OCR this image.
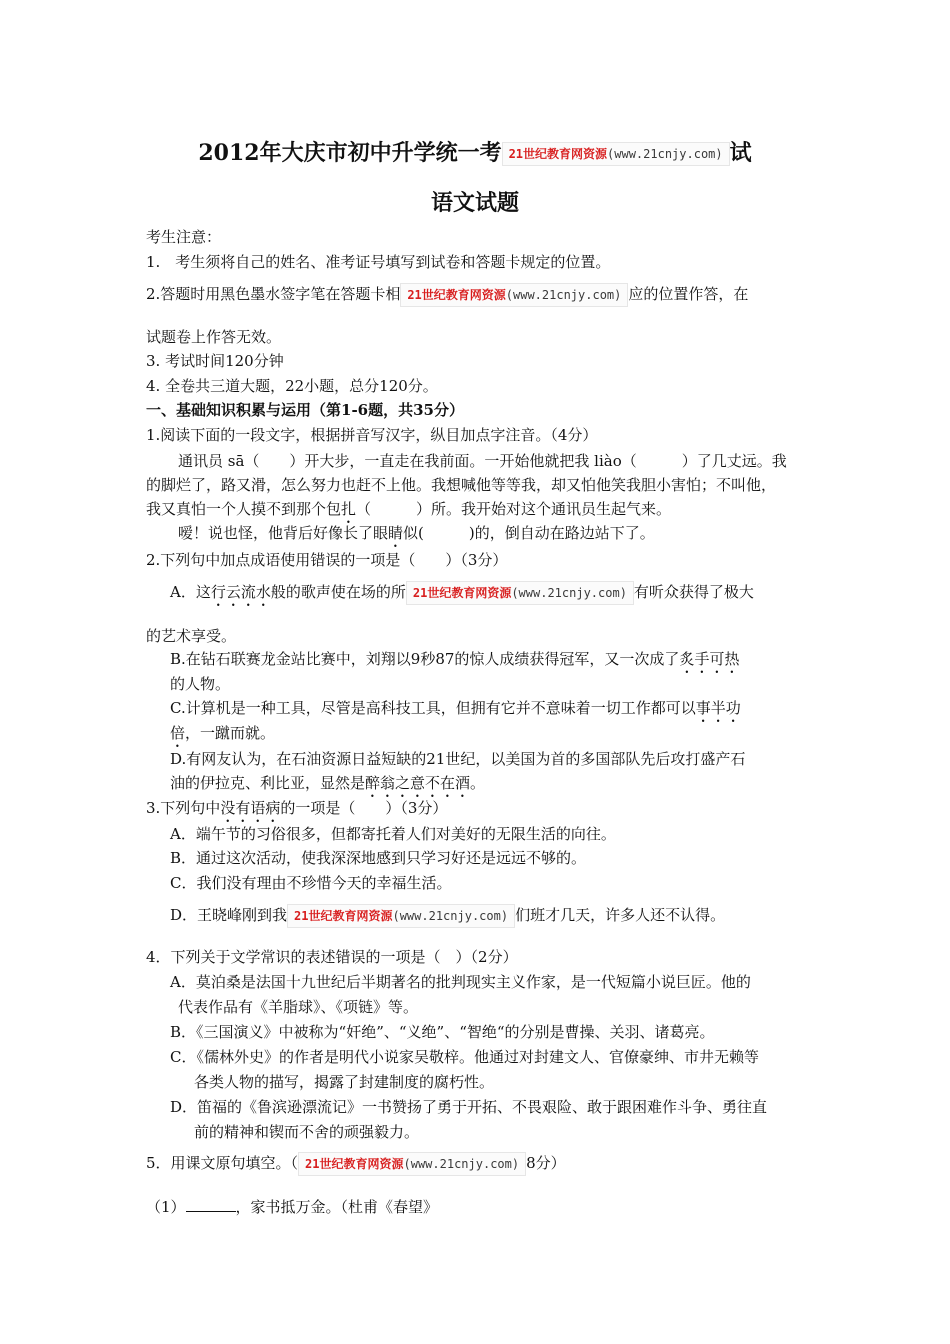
2012年大庆市初中升学统一考 21世纪教育网资源(www.21cnjy.com) 试
语文试题
考生注意：
1.　考生须将自己的姓名、准考证号填写到试卷和答题卡规定的位置。
2.答题时用黑色墨水签字笔在答题卡相 21世纪教育网资源(www.21cnjy.com) 应的位置作答，在
试题卷上作答无效。
3. 考试时间120分钟
4. 全卷共三道大题，22小题，总分120分。
一、基础知识积累与运用（第1-6题，共35分）
1.阅读下面的一段文字，根据拼音写汉字，纵目加点字注音。（4分）
通讯员 sā（　　）开大步，一直走在我前面。一开始他就把我 liào（　　　）了几丈远。我
的脚烂了，路又滑，怎么努力也赶不上他。我想喊他等等我，却又怕他笑我胆小害怕；不叫他，
我又真怕一个人摸不到那个包扎（　　　）所。我开始对这个通讯员生起气来。
嗳！说也怪，他背后好像长了眼睛似(　　　)的，倒自动在路边站下了。
2.下列句中加点成语使用错误的一项是（　　）（3分）
A．这行云流水般的歌声使在场的所 21世纪教育网资源(www.21cnjy.com) 有听众获得了极大
的艺术享受。
B.在钻石联赛龙金站比赛中，刘翔以9秒87的惊人成绩获得冠军，又一次成了炙手可热
的人物。
C.计算机是一种工具，尽管是高科技工具，但拥有它并不意味着一切工作都可以事半功
倍，一蹴而就。
D.有网友认为，在石油资源日益短缺的21世纪，以美国为首的多国部队先后攻打盛产石
油的伊拉克、利比亚，显然是醉翁之意不在酒。
3.下列句中没有语病的一项是（　　）（3分）
A．端午节的习俗很多，但都寄托着人们对美好的无限生活的向往。
B．通过这次活动，使我深深地感到只学习好还是远远不够的。
C．我们没有理由不珍惜今天的幸福生活。
D．王晓峰刚到我 21世纪教育网资源(www.21cnjy.com) 们班才几天，许多人还不认得。
4．下列关于文学常识的表述错误的一项是（　）（2分）
A．莫泊桑是法国十九世纪后半期著名的批判现实主义作家，是一代短篇小说巨匠。他的
代表作品有《羊脂球》、《项链》等。
B．《三国演义》中被称为“奸绝”、“义绝”、“智绝“的分别是曹操、关羽、诸葛亮。
C．《儒林外史》的作者是明代小说家吴敬梓。他通过对封建文人、官僚豪绅、市井无赖等
各类人物的描写，揭露了封建制度的腐朽性。
D．笛福的《鲁滨逊漂流记》一书赞扬了勇于开拓、不畏艰险、敢于跟困难作斗争、勇往直
前的精神和锲而不舍的顽强毅力。
5．用课文原句填空。（ 21世纪教育网资源(www.21cnjy.com) 8分）
（1）	，家书抵万金。（杜甫《春望》
